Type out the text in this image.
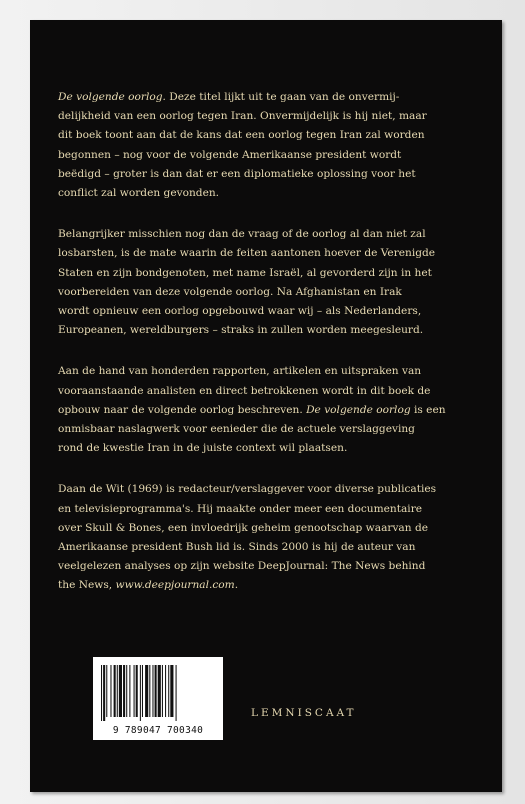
De volgende oorlog. Deze titel lijkt uit te gaan van de onvermij-

delijkheid van een oorlog tegen Iran. Onvermijdelijk is hij niet, maar

dit boek toont aan dat de kans dat een oorlog tegen Iran zal worden

begonnen – nog voor de volgende Amerikaanse president wordt

beëdigd – groter is dan dat er een diplomatieke oplossing voor het

conflict zal worden gevonden.

Belangrijker misschien nog dan de vraag of de oorlog al dan niet zal

losbarsten, is de mate waarin de feiten aantonen hoever de Verenigde

Staten en zijn bondgenoten, met name Israël, al gevorderd zijn in het

voorbereiden van deze volgende oorlog. Na Afghanistan en Irak

wordt opnieuw een oorlog opgebouwd waar wij – als Nederlanders,

Europeanen, wereldburgers – straks in zullen worden meegesleurd.

Aan de hand van honderden rapporten, artikelen en uitspraken van

vooraanstaande analisten en direct betrokkenen wordt in dit boek de

opbouw naar de volgende oorlog beschreven. De volgende oorlog is een

onmisbaar naslagwerk voor eenieder die de actuele verslaggeving

rond de kwestie Iran in de juiste context wil plaatsen.

Daan de Wit (1969) is redacteur/verslaggever voor diverse publicaties

en televisieprogramma's. Hij maakte onder meer een documentaire

over Skull & Bones, een invloedrijk geheim genootschap waarvan de

Amerikaanse president Bush lid is. Sinds 2000 is hij de auteur van

veelgelezen analyses op zijn website DeepJournal: The News behind

the News, www.deepjournal.com.

9 789047 700340
LEMNISCAAT
